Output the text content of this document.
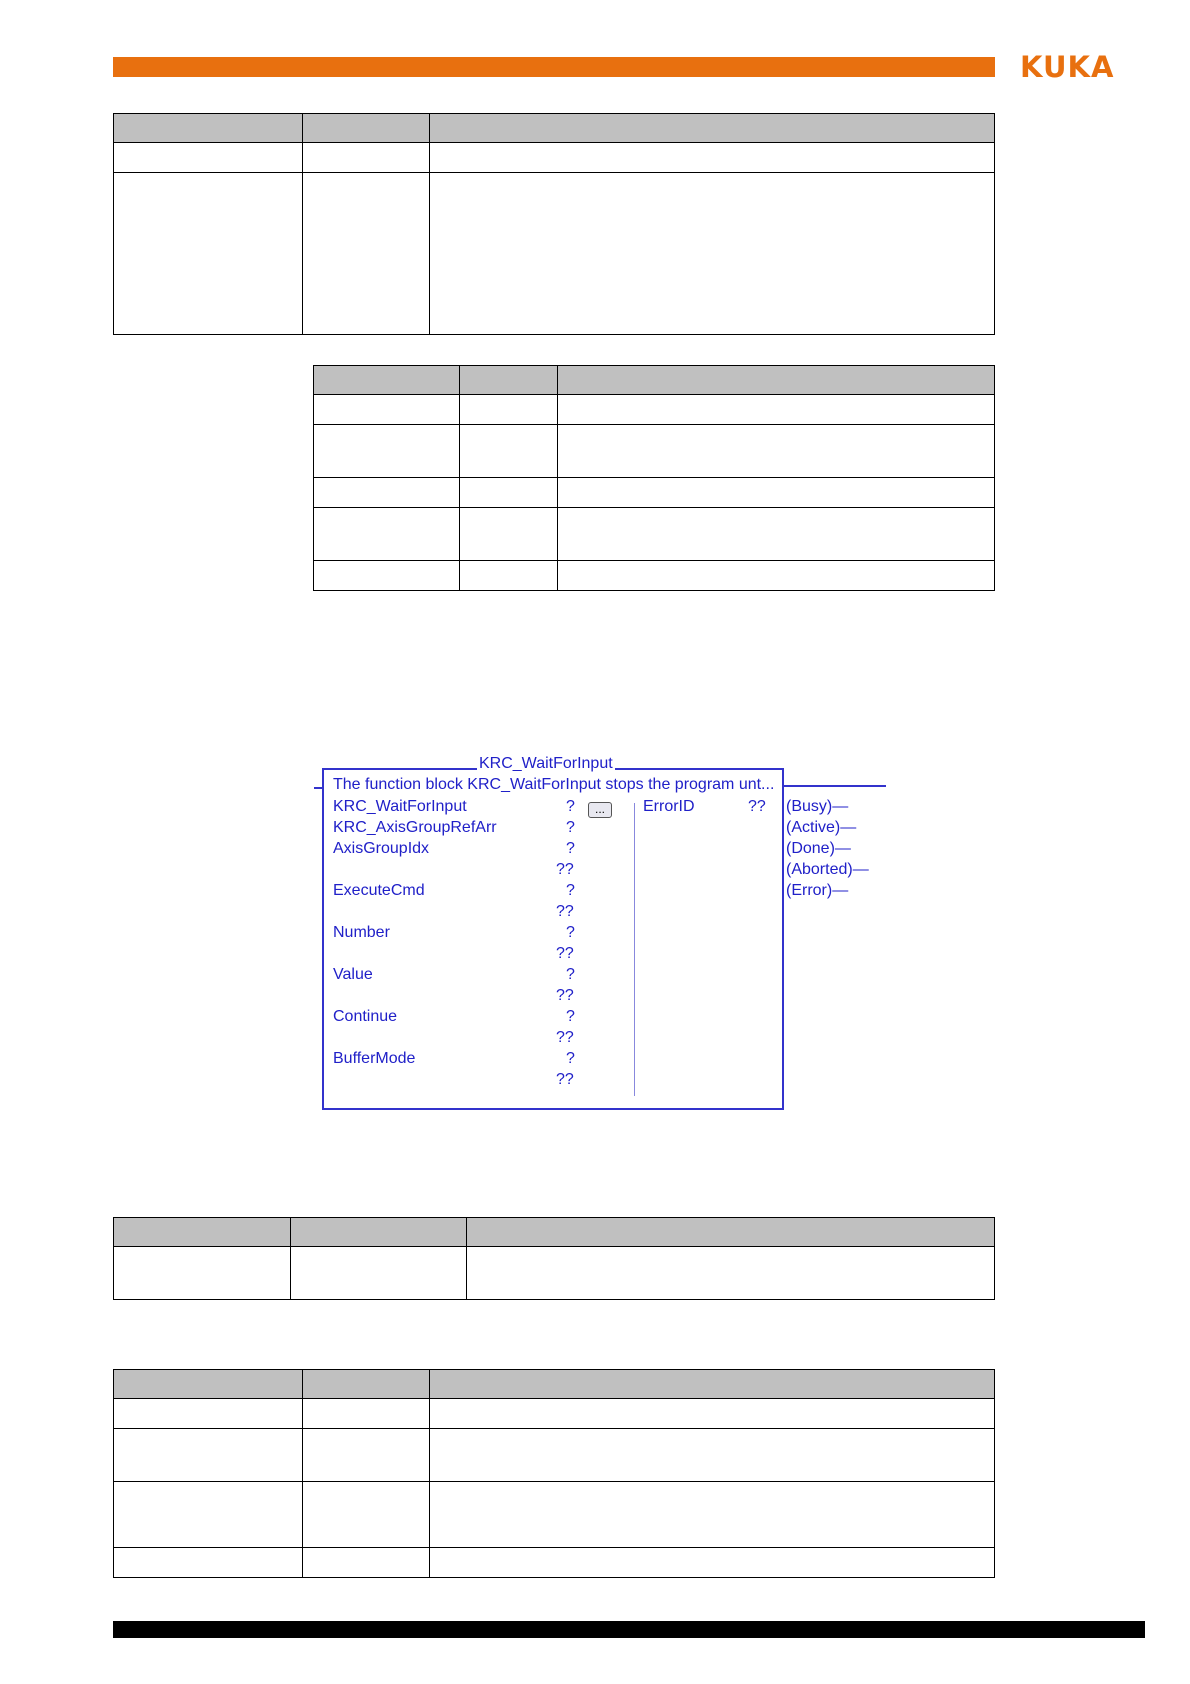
KUKA

KRC_WaitForInput
The function block KRC_WaitForInput stops the program unt...
KRC_WaitForInput	?	...
KRC_AxisGroupRefArr	?
AxisGroupIdx	?
??
ExecuteCmd	?
??
Number	?
??
Value	?
??
Continue	?
??
BufferMode	?
??
ErrorID	?? (Busy)—
(Active)—
(Done)—
(Aborted)—
(Error)—
